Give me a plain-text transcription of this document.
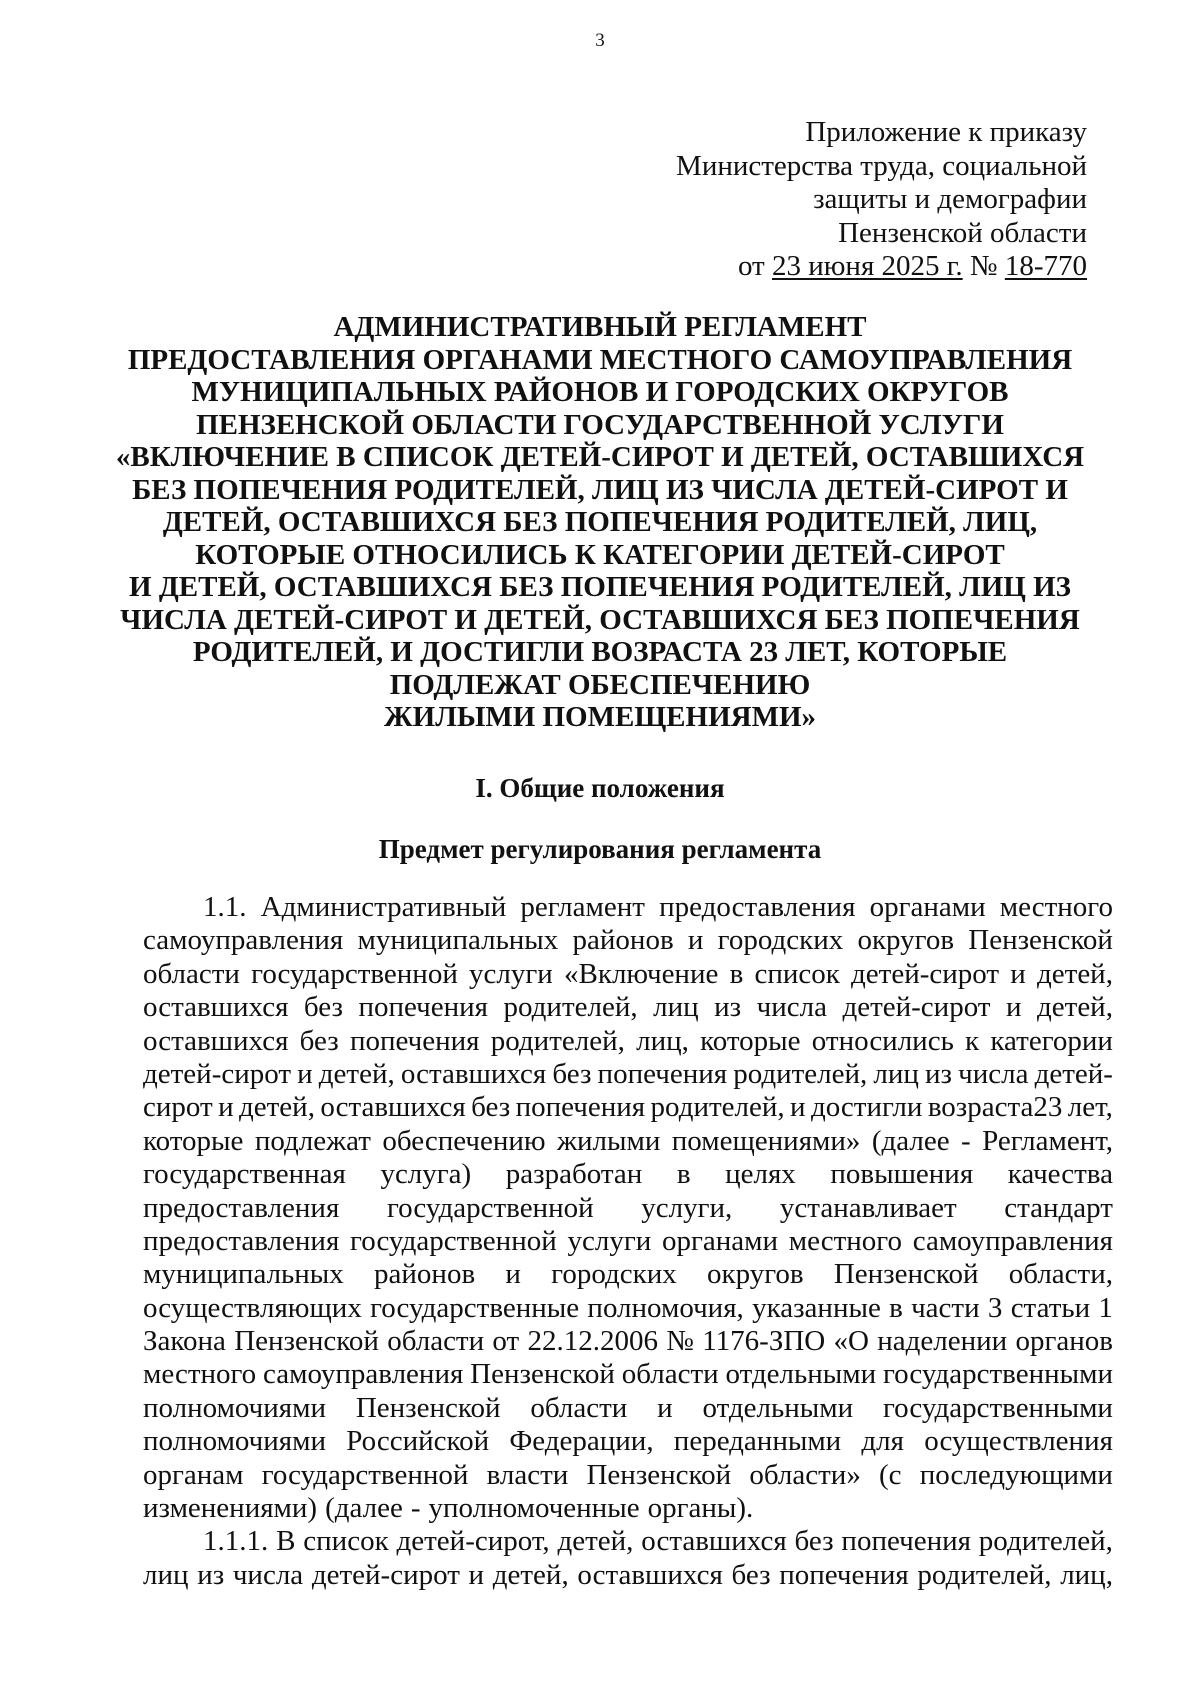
3
Приложение к приказу
Министерства труда, социальной
защиты и демографии
Пензенской области
от 23 июня 2025 г. № 18-770
АДМИНИСТРАТИВНЫЙ РЕГЛАМЕНТ
ПРЕДОСТАВЛЕНИЯ ОРГАНАМИ МЕСТНОГО САМОУПРАВЛЕНИЯ
МУНИЦИПАЛЬНЫХ РАЙОНОВ И ГОРОДСКИХ ОКРУГОВ
ПЕНЗЕНСКОЙ ОБЛАСТИ ГОСУДАРСТВЕННОЙ УСЛУГИ
«ВКЛЮЧЕНИЕ В СПИСОК ДЕТЕЙ-СИРОТ И ДЕТЕЙ, ОСТАВШИХСЯ
БЕЗ ПОПЕЧЕНИЯ РОДИТЕЛЕЙ, ЛИЦ ИЗ ЧИСЛА ДЕТЕЙ-СИРОТ И
ДЕТЕЙ, ОСТАВШИХСЯ БЕЗ ПОПЕЧЕНИЯ РОДИТЕЛЕЙ, ЛИЦ,
КОТОРЫЕ ОТНОСИЛИСЬ К КАТЕГОРИИ ДЕТЕЙ-СИРОТ
И ДЕТЕЙ, ОСТАВШИХСЯ БЕЗ ПОПЕЧЕНИЯ РОДИТЕЛЕЙ, ЛИЦ ИЗ
ЧИСЛА ДЕТЕЙ-СИРОТ И ДЕТЕЙ, ОСТАВШИХСЯ БЕЗ ПОПЕЧЕНИЯ
РОДИТЕЛЕЙ, И ДОСТИГЛИ ВОЗРАСТА 23 ЛЕТ, КОТОРЫЕ
ПОДЛЕЖАТ ОБЕСПЕЧЕНИЮ
ЖИЛЫМИ ПОМЕЩЕНИЯМИ»
I. Общие положения
Предмет регулирования регламента
1.1. Административный регламент предоставления органами местного
самоуправления муниципальных районов и городских округов Пензенской
области государственной услуги «Включение в список детей-сирот и детей,
оставшихся без попечения родителей, лиц из числа детей-сирот и детей,
оставшихся без попечения родителей, лиц, которые относились к категории
детей-сирот и детей, оставшихся без попечения родителей, лиц из числа детей-
сирот и детей, оставшихся без попечения родителей, и достигли возраста23 лет,
которые подлежат обеспечению жилыми помещениями» (далее - Регламент,
государственная услуга) разработан в целях повышения качества
предоставления государственной услуги, устанавливает стандарт
предоставления государственной услуги органами местного самоуправления
муниципальных районов и городских округов Пензенской области,
осуществляющих государственные полномочия, указанные в части 3 статьи 1
Закона Пензенской области от 22.12.2006 № 1176-ЗПО «О наделении органов
местного самоуправления Пензенской области отдельными государственными
полномочиями Пензенской области и отдельными государственными
полномочиями Российской Федерации, переданными для осуществления
органам государственной власти Пензенской области» (с последующими
изменениями) (далее - уполномоченные органы).
1.1.1. В список детей-сирот, детей, оставшихся без попечения родителей,
лиц из числа детей-сирот и детей, оставшихся без попечения родителей, лиц,
